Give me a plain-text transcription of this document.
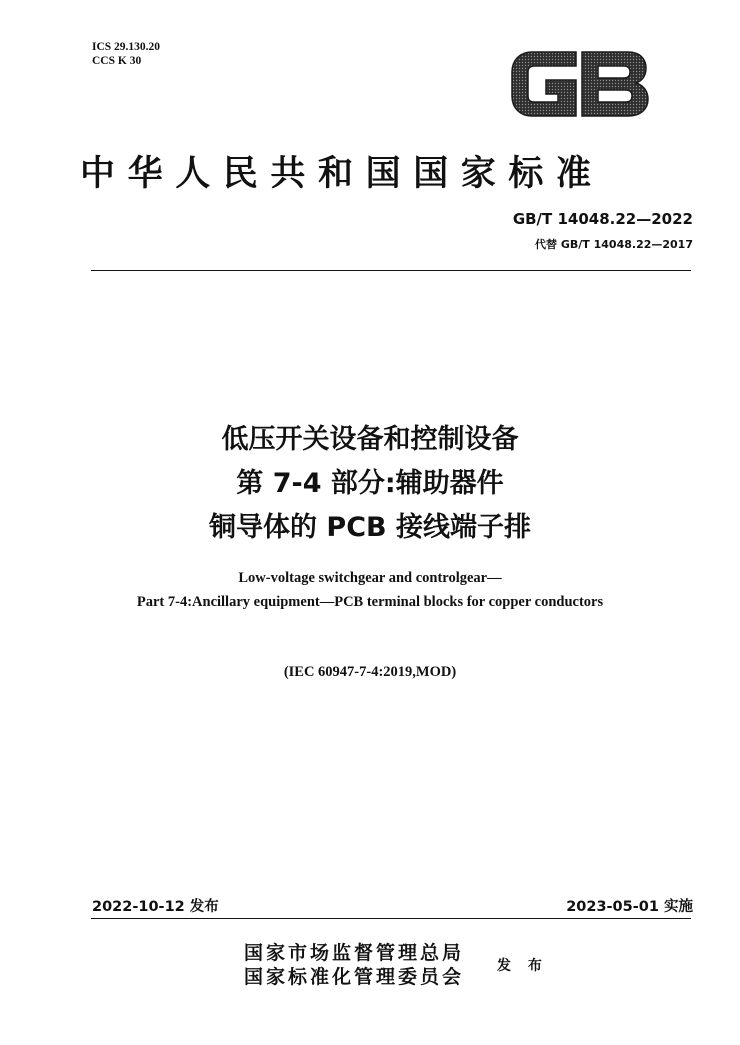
ICS 29.130.20
CCS K 30
中华人民共和国国家标准
GB/T 14048.22—2022
代替 GB/T 14048.22—2017
低压开关设备和控制设备
第 7-4 部分:辅助器件
铜导体的 PCB 接线端子排
Low-voltage switchgear and controlgear—
Part 7-4:Ancillary equipment—PCB terminal blocks for copper conductors
(IEC 60947-7-4:2019,MOD)
2022-10-12 发布	2023-05-01 实施
国家市场监督管理总局
国家标准化管理委员会
发 布
